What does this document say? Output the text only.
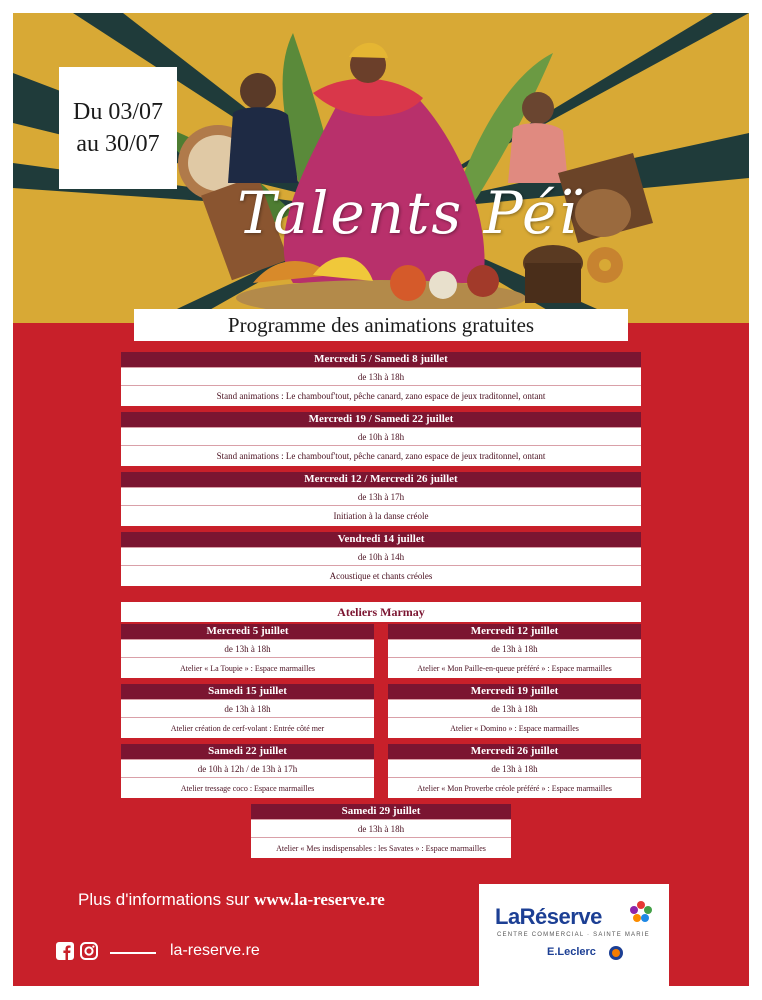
Du 03/07
au 30/07
Talents Péï
Programme des animations gratuites
Mercredi 5 / Samedi 8 juillet
de 13h à 18h
Stand animations : Le chambouf'tout, pêche canard, zano espace de jeux traditonnel, ontant
Mercredi 19 / Samedi 22 juillet
de 10h à 18h
Stand animations : Le chambouf'tout, pêche canard, zano espace de jeux traditonnel, ontant
Mercredi 12 / Mercredi 26 juillet
de 13h à 17h
Initiation à la danse créole
Vendredi 14 juillet
de 10h à 14h
Acoustique et chants créoles
Ateliers Marmay
Mercredi 5 juillet
de 13h à 18h
Atelier « La Toupie » : Espace marmailles
Mercredi 12 juillet
de 13h à 18h
Atelier « Mon Paille-en-queue préféré » : Espace marmailles
Samedi 15 juillet
de 13h à 18h
Atelier création de cerf-volant : Entrée côté mer
Mercredi 19 juillet
de 13h à 18h
Atelier « Domino » : Espace marmailles
Samedi 22 juillet
de 10h à 12h / de 13h à 17h
Atelier tressage coco : Espace marmailles
Mercredi 26 juillet
de 13h à 18h
Atelier « Mon Proverbe créole préféré » : Espace marmailles
Samedi 29 juillet
de 13h à 18h
Atelier « Mes insdispensables : les Savates » : Espace marmailles
Plus d'informations sur www.la-reserve.re
la-reserve.re
LaRéserve
CENTRE COMMERCIAL · SAINTE MARIE
E.Leclerc
